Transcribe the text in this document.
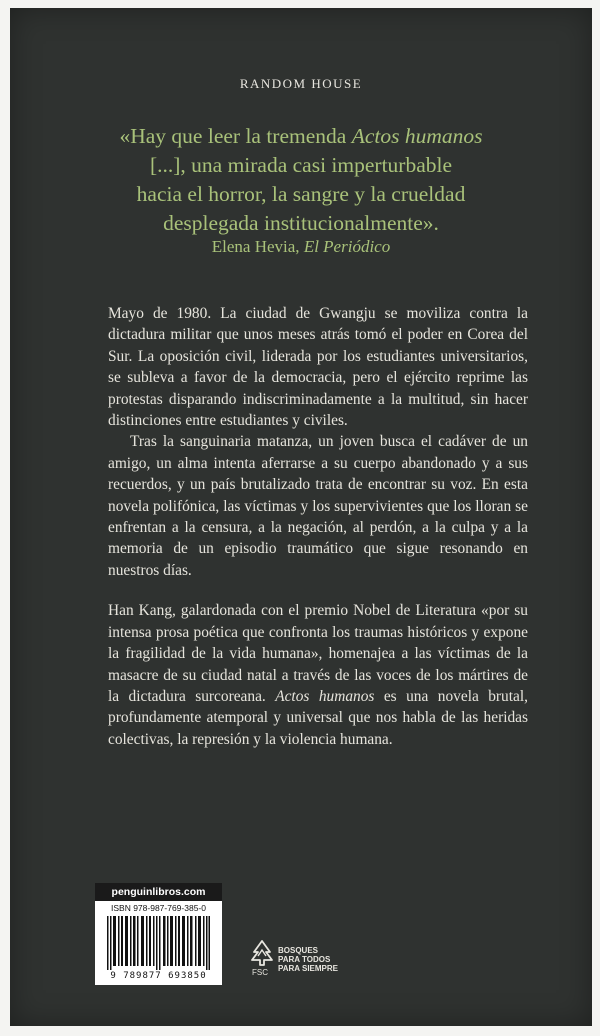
RANDOM HOUSE

«Hay que leer la tremenda Actos humanos

[...], una mirada casi imperturbable

hacia el horror, la sangre y la crueldad

desplegada institucionalmente».

Elena Hevia, El Periódico

Mayo de 1980. La ciudad de Gwangju se moviliza contra la dictadura militar que unos meses atrás tomó el poder en Corea del Sur. La oposición civil, liderada por los estudiantes universitarios, se subleva a favor de la democracia, pero el ejército reprime las protestas disparando indiscriminadamente a la multitud, sin hacer distinciones entre estudiantes y civiles.

Tras la sanguinaria matanza, un joven busca el cadáver de un amigo, un alma intenta aferrarse a su cuerpo abandonado y a sus recuerdos, y un país brutalizado trata de encontrar su voz. En esta novela polifónica, las víctimas y los supervivientes que los lloran se enfrentan a la censura, a la negación, al perdón, a la culpa y a la memoria de un episodio traumático que sigue resonando en nuestros días.

Han Kang, galardonada con el premio Nobel de Literatura «por su intensa prosa poética que confronta los traumas históricos y expone la fragilidad de la vida humana», homenajea a las víctimas de la masacre de su ciudad natal a través de las voces de los mártires de la dictadura surcoreana. Actos humanos es una novela brutal, profundamente atemporal y universal que nos habla de las heridas colectivas, la represión y la violencia humana.

penguinlibros.com
ISBN 978-987-769-385-0
9 789877 693850
BOSQUES
PARA TODOS
PARA SIEMPRE
FSC
